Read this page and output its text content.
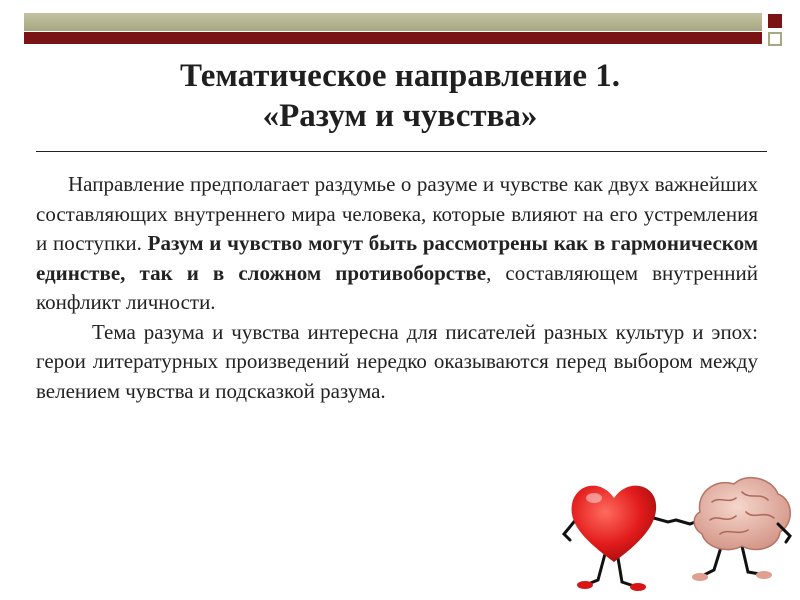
Тематическое направление 1.
«Разум и чувства»

Направление предполагает раздумье о разуме и чувстве как двух важнейших составляющих внутреннего мира человека, которые влияют на его устремления и поступки. Разум и чувство могут быть рассмотрены как в гармоническом единстве, так и в сложном противоборстве, составляющем внутренний конфликт личности.

Тема разума и чувства интересна для писателей разных культур и эпох: герои литературных произведений нередко оказываются перед выбором между велением чувства и подсказкой разума.
